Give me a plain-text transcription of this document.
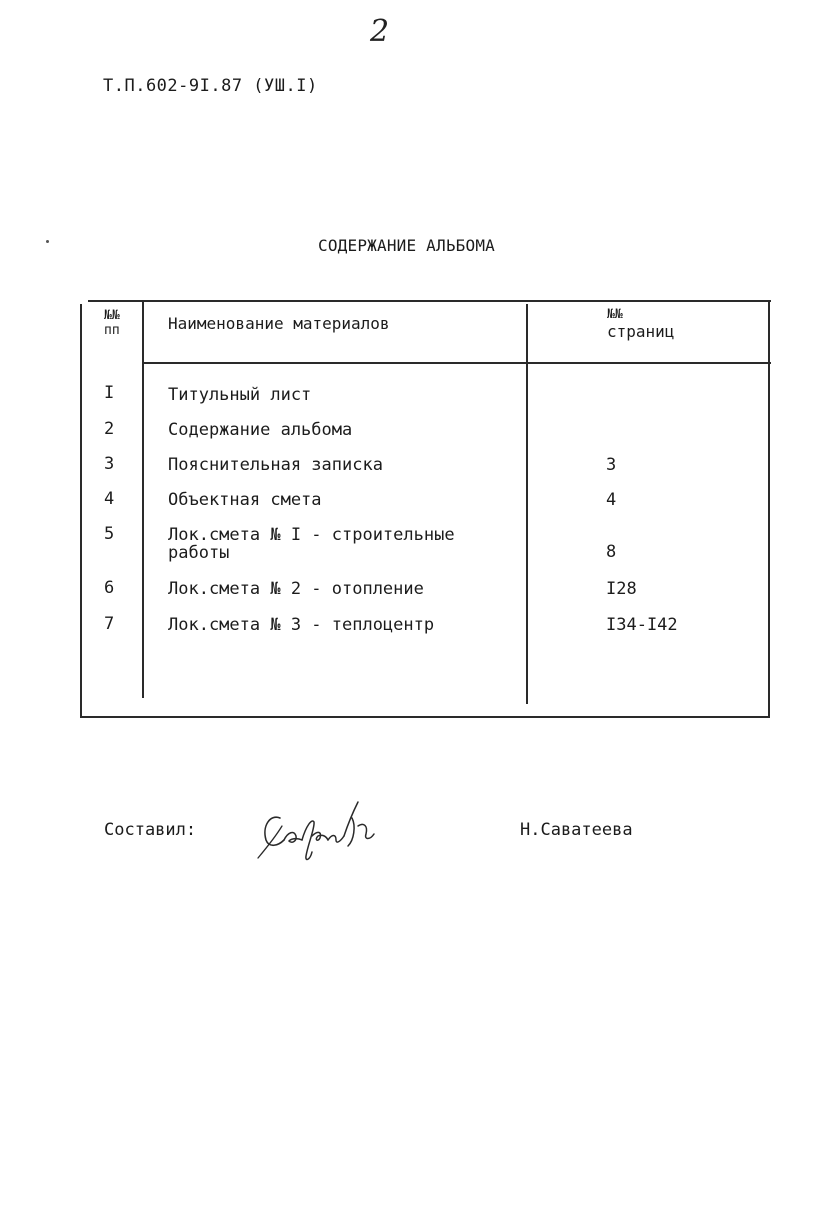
2
Т.П.602-9I.87 (УШ.I)
СОДЕРЖАНИЕ АЛЬБОМА
№№
пп	Наименование материалов	№№
страниц
I	Титульный лист
2	Содержание альбома
3	Пояснительная записка	3
4	Объектная смета	4
5	Лок.смета № I - строительные работы	8
6	Лок.смета № 2 - отопление	I28
7	Лок.смета № 3 - теплоцентр	I34-I42
Составил:	Н.Саватеева
